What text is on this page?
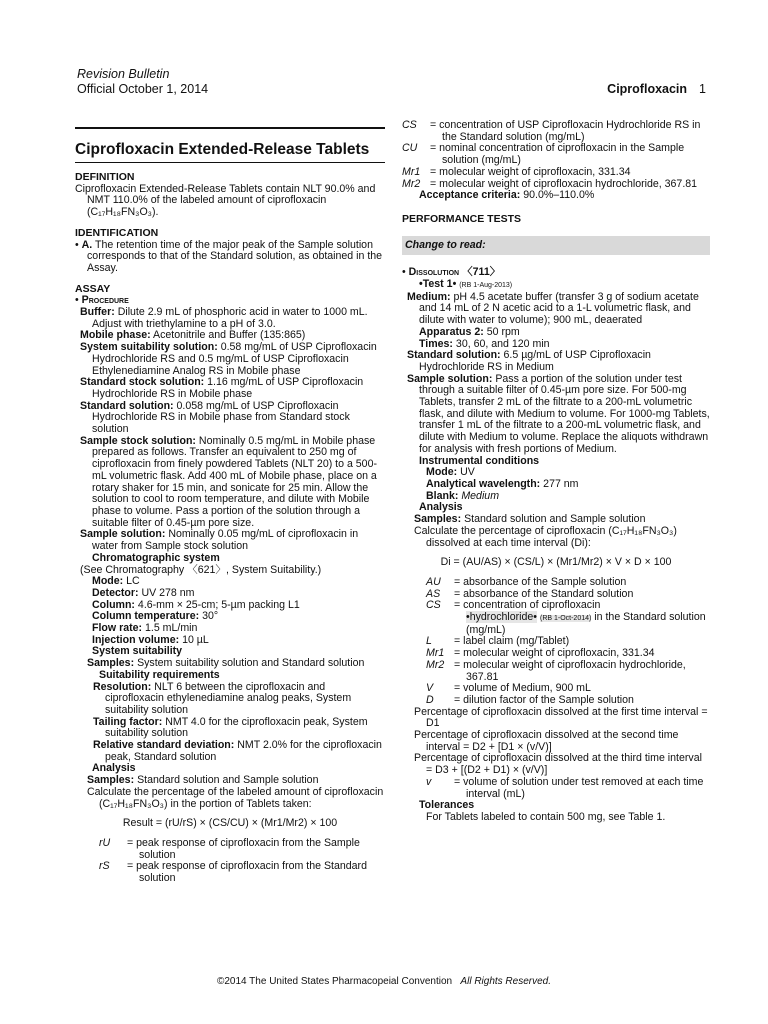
Revision Bulletin
Official October 1, 2014	Ciprofloxacin 1
Ciprofloxacin Extended-Release Tablets
DEFINITION

Ciprofloxacin Extended-Release Tablets contain NLT 90.0% and NMT 110.0% of the labeled amount of ciprofloxacin (C₁₇H₁₈FN₃O₃).

IDENTIFICATION

• A. The retention time of the major peak of the Sample solution corresponds to that of the Standard solution, as obtained in the Assay.

ASSAY
• Procedure

Buffer: Dilute 2.9 mL of phosphoric acid in water to 1000 mL. Adjust with triethylamine to a pH of 3.0.

Mobile phase: Acetonitrile and Buffer (135:865)

System suitability solution: 0.58 mg/mL of USP Ciprofloxacin Hydrochloride RS and 0.5 mg/mL of USP Ciprofloxacin Ethylenediamine Analog RS in Mobile phase

Standard stock solution: 1.16 mg/mL of USP Ciprofloxacin Hydrochloride RS in Mobile phase

Standard solution: 0.058 mg/mL of USP Ciprofloxacin Hydrochloride RS in Mobile phase from Standard stock solution

Sample stock solution: Nominally 0.5 mg/mL in Mobile phase prepared as follows. Transfer an equivalent to 250 mg of ciprofloxacin from finely powdered Tablets (NLT 20) to a 500-mL volumetric flask. Add 400 mL of Mobile phase, place on a rotary shaker for 15 min, and sonicate for 25 min. Allow the solution to cool to room temperature, and dilute with Mobile phase to volume. Pass a portion of the solution through a suitable filter of 0.45-µm pore size.

Sample solution: Nominally 0.05 mg/mL of ciprofloxacin in water from Sample stock solution

Chromatographic system

(See Chromatography 〈621〉, System Suitability.)

Mode: LC

Detector: UV 278 nm

Column: 4.6-mm × 25-cm; 5-µm packing L1

Column temperature: 30°

Flow rate: 1.5 mL/min

Injection volume: 10 µL

System suitability

Samples: System suitability solution and Standard solution

Suitability requirements

Resolution: NLT 6 between the ciprofloxacin and ciprofloxacin ethylenediamine analog peaks, System suitability solution

Tailing factor: NMT 4.0 for the ciprofloxacin peak, System suitability solution

Relative standard deviation: NMT 2.0% for the ciprofloxacin peak, Standard solution

Analysis

Samples: Standard solution and Sample solution

Calculate the percentage of the labeled amount of ciprofloxacin (C₁₇H₁₈FN₃O₃) in the portion of Tablets taken:

Result = (rU/rS) × (CS/CU) × (Mr1/Mr2) × 100
rU	= peak response of ciprofloxacin from the Sample solution
rS	= peak response of ciprofloxacin from the Standard solution
CS	= concentration of USP Ciprofloxacin Hydrochloride RS in the Standard solution (mg/mL)
CU	= nominal concentration of ciprofloxacin in the Sample solution (mg/mL)
Mr1 = molecular weight of ciprofloxacin, 331.34
Mr2 = molecular weight of ciprofloxacin hydrochloride, 367.81

Acceptance criteria: 90.0%–110.0%

PERFORMANCE TESTS
Change to read:
• Dissolution 〈711〉

•Test 1• (RB 1-Aug-2013)

Medium: pH 4.5 acetate buffer (transfer 3 g of sodium acetate and 14 mL of 2 N acetic acid to a 1-L volumetric flask, and dilute with water to volume); 900 mL, deaerated

Apparatus 2: 50 rpm

Times: 30, 60, and 120 min

Standard solution: 6.5 µg/mL of USP Ciprofloxacin Hydrochloride RS in Medium

Sample solution: Pass a portion of the solution under test through a suitable filter of 0.45-µm pore size. For 500-mg Tablets, transfer 2 mL of the filtrate to a 200-mL volumetric flask, and dilute with Medium to volume. For 1000-mg Tablets, transfer 1 mL of the filtrate to a 200-mL volumetric flask, and dilute with Medium to volume. Replace the aliquots withdrawn for analysis with fresh portions of Medium.

Instrumental conditions

Mode: UV

Analytical wavelength: 277 nm

Blank: Medium

Analysis

Samples: Standard solution and Sample solution

Calculate the percentage of ciprofloxacin (C₁₇H₁₈FN₃O₃) dissolved at each time interval (Di):

Di = (AU/AS) × (CS/L) × (Mr1/Mr2) × V × D × 100
AU	= absorbance of the Sample solution
AS	= absorbance of the Standard solution
CS	= concentration of ciprofloxacin
•hydrochloride• (RB 1-Oct-2014) in the Standard solution (mg/mL)
L	= label claim (mg/Tablet)
Mr1 = molecular weight of ciprofloxacin, 331.34
Mr2 = molecular weight of ciprofloxacin hydrochloride, 367.81
V	= volume of Medium, 900 mL
D	= dilution factor of the Sample solution

Percentage of ciprofloxacin dissolved at the first time interval = D1

Percentage of ciprofloxacin dissolved at the second time interval = D2 + [D1 × (v/V)]

Percentage of ciprofloxacin dissolved at the third time interval = D3 + [(D2 + D1) × (v/V)]

v	= volume of solution under test removed at each time interval (mL)

Tolerances

For Tablets labeled to contain 500 mg, see Table 1.

©2014 The United States Pharmacopeial Convention All Rights Reserved.
